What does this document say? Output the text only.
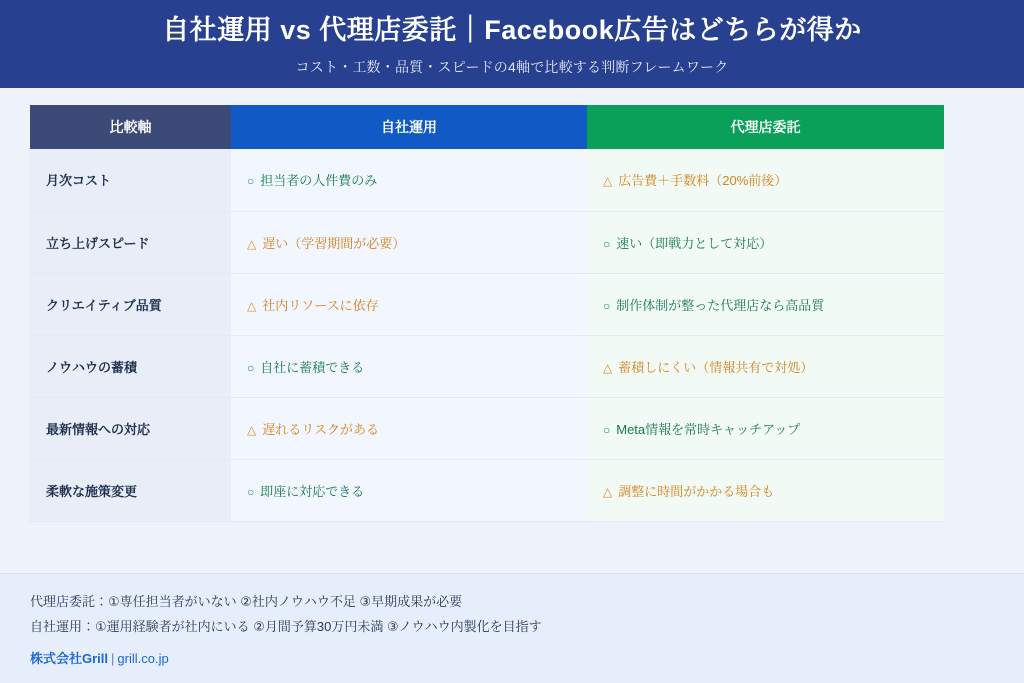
自社運用 vs 代理店委託｜Facebook広告はどちらが得か
コスト・工数・品質・スピードの4軸で比較する判断フレームワーク
比較軸	自社運用	代理店委託
月次コスト	○ 担当者の人件費のみ	△ 広告費＋手数料（20%前後）
立ち上げスピード	△ 遅い（学習期間が必要）	○ 速い（即戦力として対応）
クリエイティブ品質	△ 社内リソースに依存	○ 制作体制が整った代理店なら高品質
ノウハウの蓄積	○ 自社に蓄積できる	△ 蓄積しにくい（情報共有で対処）
最新情報への対応	△ 遅れるリスクがある	○ Meta情報を常時キャッチアップ
柔軟な施策変更	○ 即座に対応できる	△ 調整に時間がかかる場合も
代理店委託：①専任担当者がいない ②社内ノウハウ不足 ③早期成果が必要
自社運用：①運用経験者が社内にいる ②月間予算30万円未満 ③ノウハウ内製化を目指す
株式会社Grill | grill.co.jp
